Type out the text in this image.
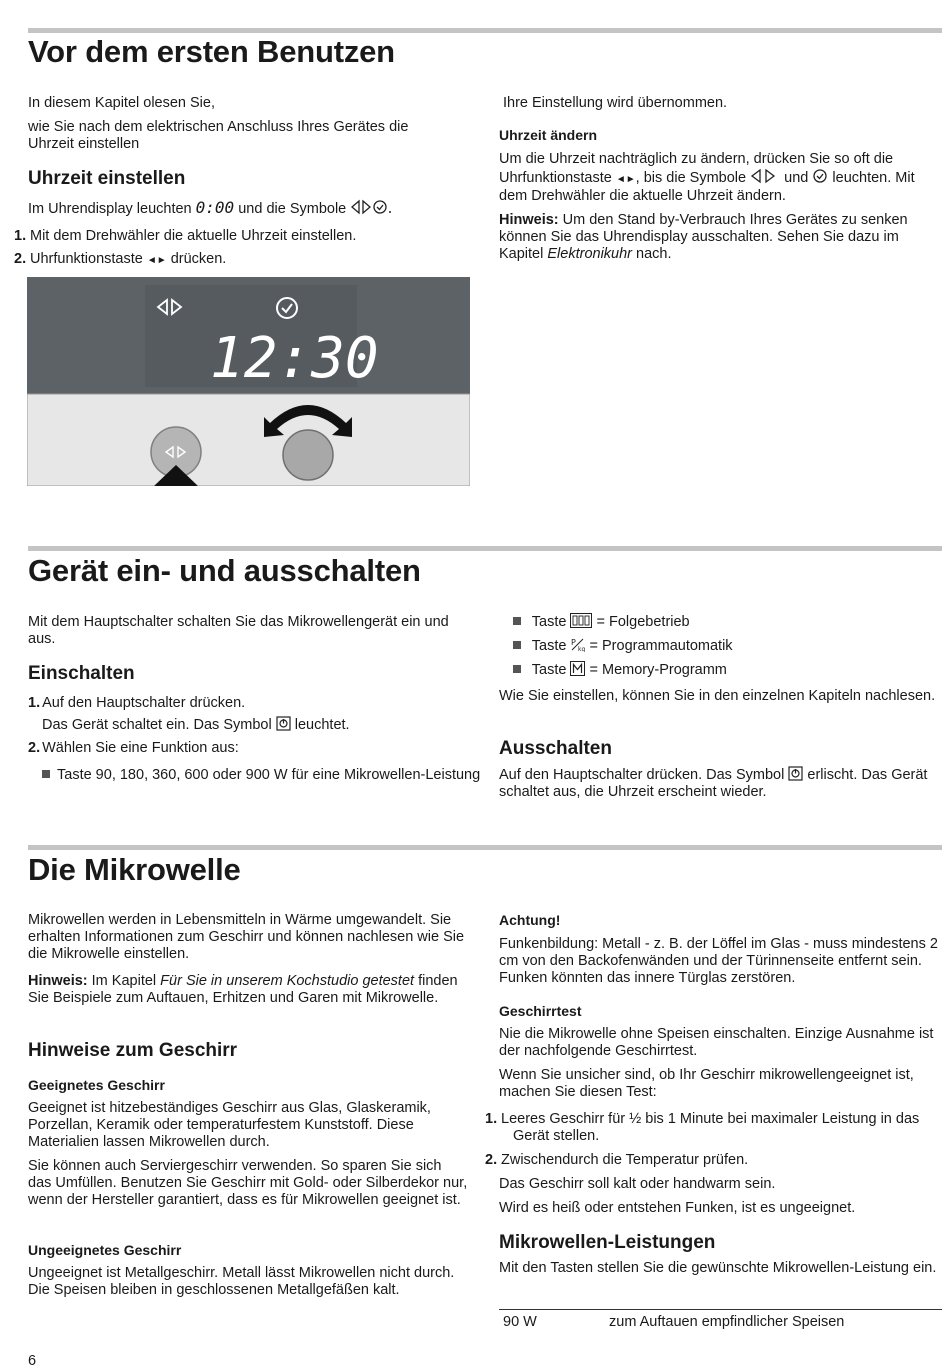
Vor dem ersten Benutzen

In diesem Kapitel olesen Sie,

wie Sie nach dem elektrischen Anschluss Ihres Gerätes die Uhrzeit einstellen

Uhrzeit einstellen

Im Uhrendisplay leuchten 0:00 und die Symbole

1. Mit dem Drehwähler die aktuelle Uhrzeit einstellen.

2. Uhrfunktionstaste ◄► drücken.

Ihre Einstellung wird übernommen.

Uhrzeit ändern

Um die Uhrzeit nachträglich zu ändern, drücken Sie so oft die Uhrfunktionstaste ◄►, bis die Symbole	und leuchten. Mit dem Drehwähler die aktuelle Uhrzeit ändern.

Hinweis: Um den Stand by-Verbrauch Ihres Gerätes zu senken können Sie das Uhrendisplay ausschalten. Sehen Sie dazu im Kapitel Elektronikuhr nach.

12:30
Gerät ein- und ausschalten

Mit dem Hauptschalter schalten Sie das Mikrowellengerät ein und aus.

Einschalten

1. Auf den Hauptschalter drücken.

Das Gerät schaltet ein. Das Symbol leuchtet.

2. Wählen Sie eine Funktion aus:

Taste 90, 180, 360, 600 oder 900 W für eine Mikrowellen-Leistung

Taste = Folgebetrieb

Taste P
kg = Programmautomatik

Taste = Memory-Programm

Wie Sie einstellen, können Sie in den einzelnen Kapiteln nachlesen.

Ausschalten

Auf den Hauptschalter drücken. Das Symbol erlischt. Das Gerät schaltet aus, die Uhrzeit erscheint wieder.

Die Mikrowelle

Mikrowellen werden in Lebensmitteln in Wärme umgewandelt. Sie erhalten Informationen zum Geschirr und können nachlesen wie Sie die Mikrowelle einstellen.

Hinweis: Im Kapitel Für Sie in unserem Kochstudio getestet finden Sie Beispiele zum Auftauen, Erhitzen und Garen mit Mikrowelle.

Hinweise zum Geschirr
Geeignetes Geschirr

Geeignet ist hitzebeständiges Geschirr aus Glas, Glaskeramik, Porzellan, Keramik oder temperaturfestem Kunststoff. Diese Materialien lassen Mikrowellen durch.

Sie können auch Serviergeschirr verwenden. So sparen Sie sich das Umfüllen. Benutzen Sie Geschirr mit Gold- oder Silberdekor nur, wenn der Hersteller garantiert, dass es für Mikrowellen geeignet ist.

Ungeeignetes Geschirr

Ungeeignet ist Metallgeschirr. Metall lässt Mikrowellen nicht durch. Die Speisen bleiben in geschlossenen Metallgefäßen kalt.

Achtung!

Funkenbildung: Metall - z. B. der Löffel im Glas - muss mindestens 2 cm von den Backofenwänden und der Türinnenseite entfernt sein. Funken könnten das innere Türglas zerstören.

Geschirrtest

Nie die Mikrowelle ohne Speisen einschalten. Einzige Ausnahme ist der nachfolgende Geschirrtest.

Wenn Sie unsicher sind, ob Ihr Geschirr mikrowellengeeignet ist, machen Sie diesen Test:

1. Leeres Geschirr für ½ bis 1 Minute bei maximaler Leistung in das Gerät stellen.

2. Zwischendurch die Temperatur prüfen.

Das Geschirr soll kalt oder handwarm sein.

Wird es heiß oder entstehen Funken, ist es ungeeignet.

Mikrowellen-Leistungen

Mit den Tasten stellen Sie die gewünschte Mikrowellen-Leistung ein.

90 W	zum Auftauen empfindlicher Speisen

6
